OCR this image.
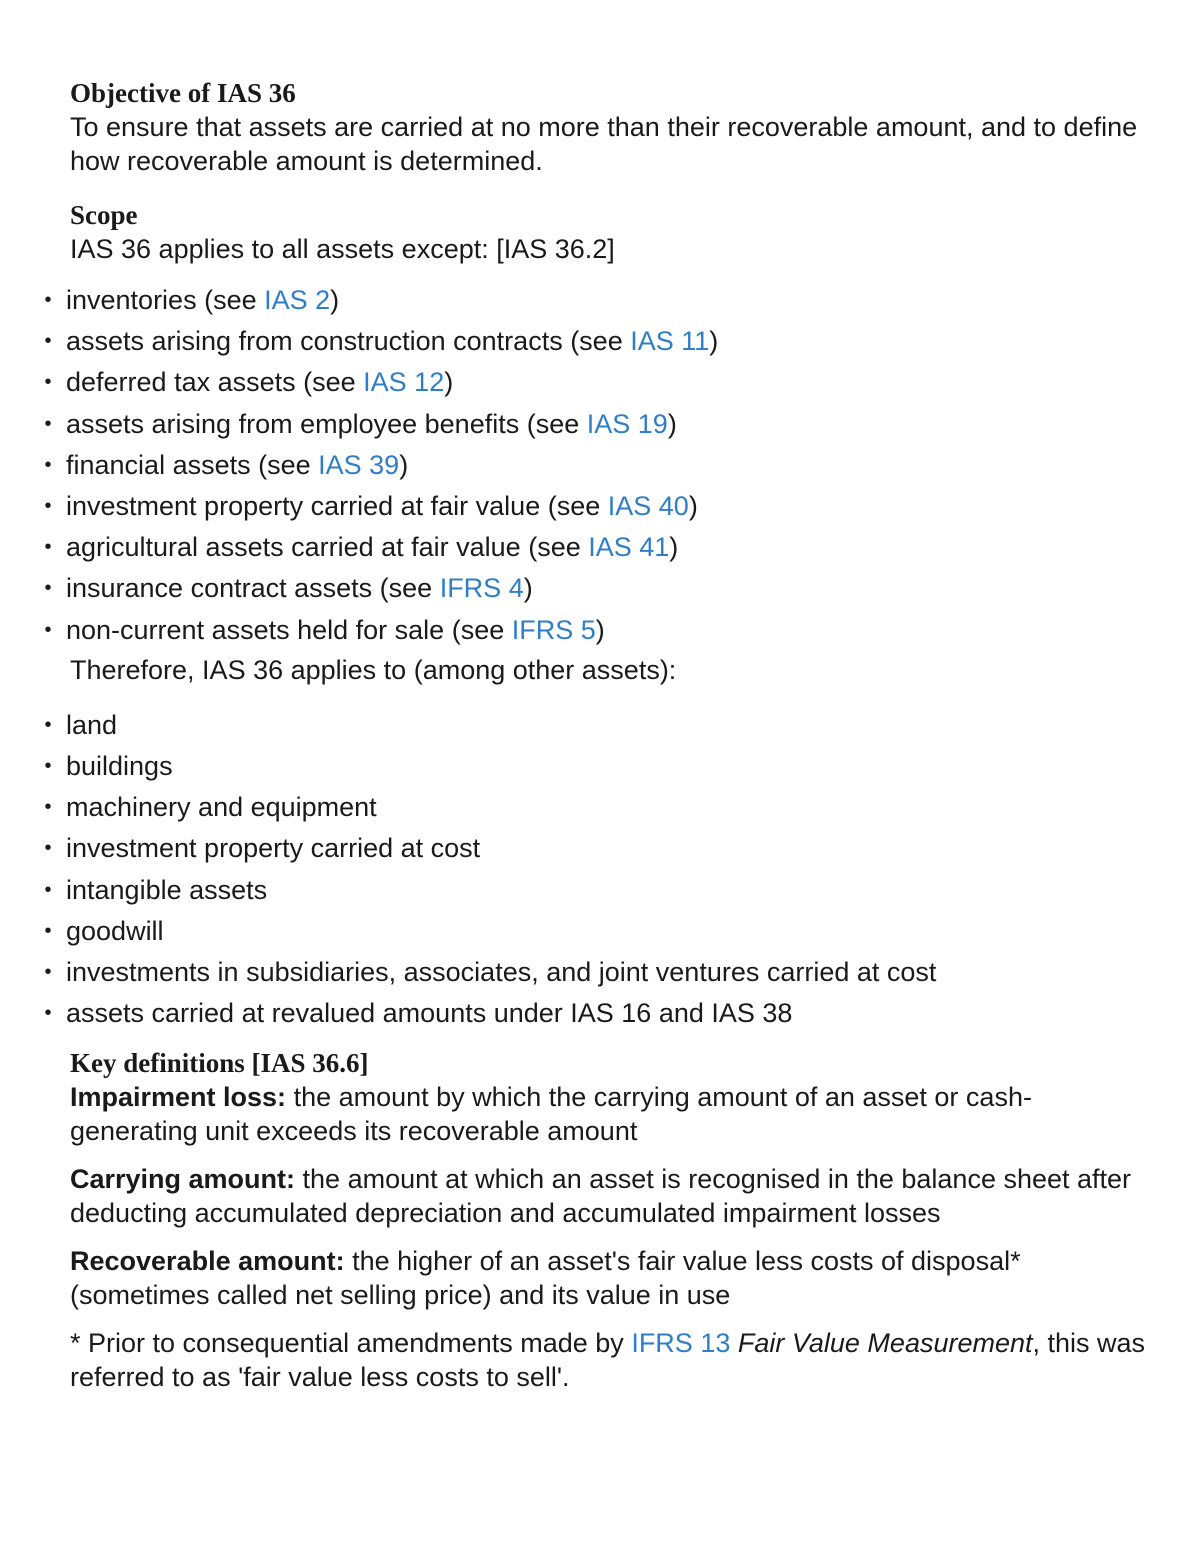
Objective of IAS 36

To ensure that assets are carried at no more than their recoverable amount, and to define how recoverable amount is determined.

Scope

IAS 36 applies to all assets except: [IAS 36.2]

• inventories (see IAS 2)
• assets arising from construction contracts (see IAS 11)
• deferred tax assets (see IAS 12)
• assets arising from employee benefits (see IAS 19)
• financial assets (see IAS 39)
• investment property carried at fair value (see IAS 40)
• agricultural assets carried at fair value (see IAS 41)
• insurance contract assets (see IFRS 4)
• non-current assets held for sale (see IFRS 5)

Therefore, IAS 36 applies to (among other assets):

• land
• buildings
• machinery and equipment
• investment property carried at cost
• intangible assets
• goodwill
• investments in subsidiaries, associates, and joint ventures carried at cost
• assets carried at revalued amounts under IAS 16 and IAS 38
Key definitions [IAS 36.6]

Impairment loss: the amount by which the carrying amount of an asset or cash-generating unit exceeds its recoverable amount

Carrying amount: the amount at which an asset is recognised in the balance sheet after deducting accumulated depreciation and accumulated impairment losses

Recoverable amount: the higher of an asset's fair value less costs of disposal* (sometimes called net selling price) and its value in use

* Prior to consequential amendments made by IFRS 13 Fair Value Measurement, this was referred to as 'fair value less costs to sell'.
